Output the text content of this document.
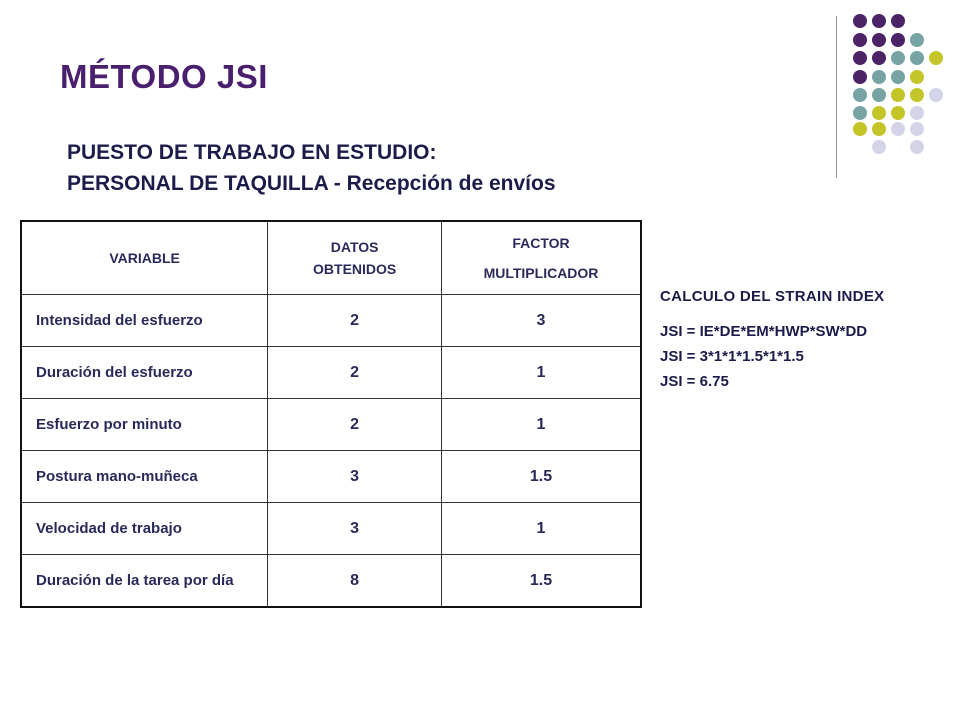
MÉTODO JSI
PUESTO DE TRABAJO EN ESTUDIO:
PERSONAL DE TAQUILLA - Recepción de envíos
VARIABLE	DATOS OBTENIDOS	FACTOR MULTIPLICADOR
Intensidad del esfuerzo	2	3
Duración del esfuerzo	2	1
Esfuerzo por minuto	2	1
Postura mano-muñeca	3	1.5
Velocidad de trabajo	3	1
Duración de la tarea por día	8	1.5
CALCULO DEL STRAIN INDEX
JSI = IE*DE*EM*HWP*SW*DD
JSI = 3*1*1*1.5*1*1.5
JSI = 6.75
